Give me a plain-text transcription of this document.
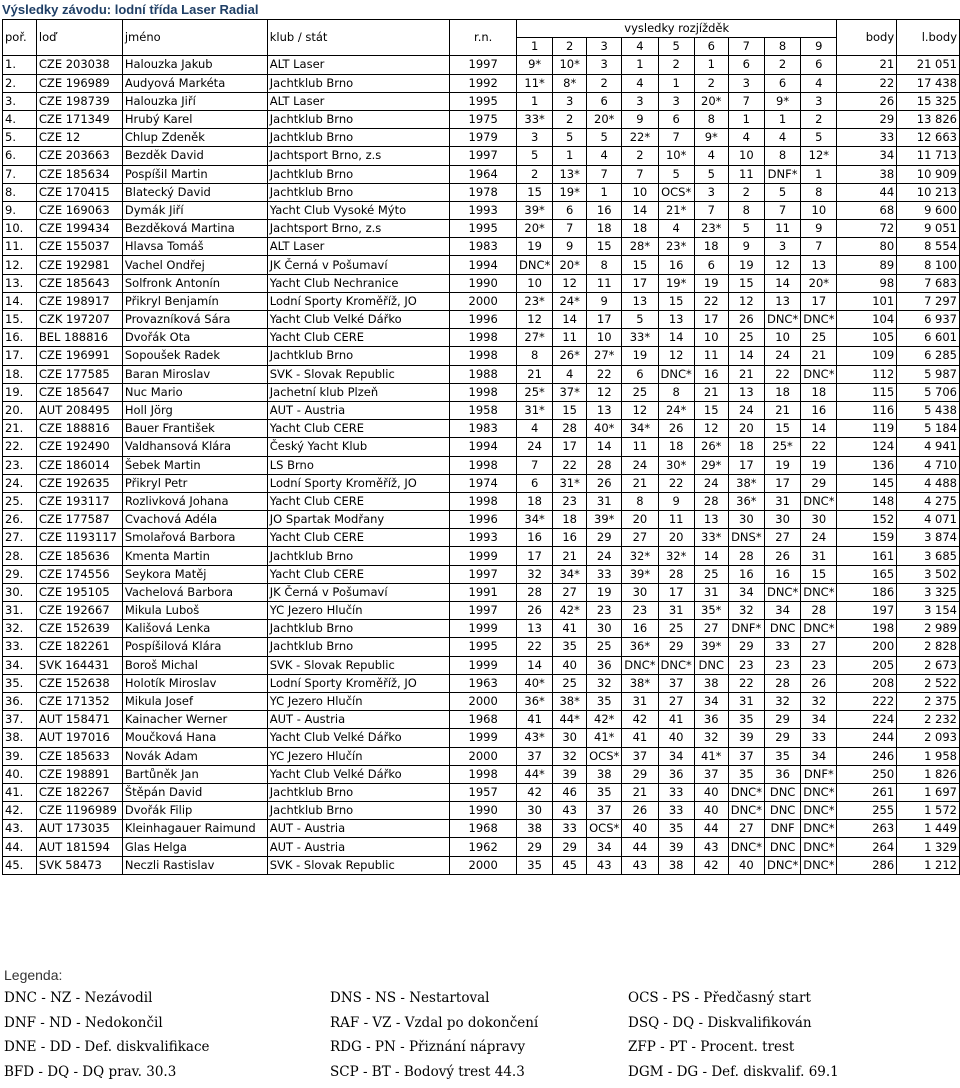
Výsledky závodu: lodní třída Laser Radial
poř.	loď	jméno	klub / stát	r.n.	vysledky rozjížděk									body	l.body
					1	2	3	4	5	6	7	8	9		
1.	CZE 203038	Halouzka Jakub	ALT Laser	1997	9*	10*	3	1	2	1	6	2	6	21	21 051
2.	CZE 196989	Audyová Markéta	Jachtklub Brno	1992	11*	8*	2	4	1	2	3	6	4	22	17 438
3.	CZE 198739	Halouzka Jiří	ALT Laser	1995	1	3	6	3	3	20*	7	9*	3	26	15 325
4.	CZE 171349	Hrubý Karel	Jachtklub Brno	1975	33*	2	20*	9	6	8	1	1	2	29	13 826
5.	CZE 12	Chlup Zdeněk	Jachtklub Brno	1979	3	5	5	22*	7	9*	4	4	5	33	12 663
6.	CZE 203663	Bezděk David	Jachtsport Brno, z.s	1997	5	1	4	2	10*	4	10	8	12*	34	11 713
7.	CZE 185634	Pospíšil Martin	Jachtklub Brno	1964	2	13*	7	7	5	5	11	DNF*	1	38	10 909
8.	CZE 170415	Blatecký David	Jachtklub Brno	1978	15	19*	1	10	OCS*	3	2	5	8	44	10 213
9.	CZE 169063	Dymák Jiří	Yacht Club Vysoké Mýto	1993	39*	6	16	14	21*	7	8	7	10	68	9 600
10.	CZE 199434	Bezděková Martina	Jachtsport Brno, z.s	1995	20*	7	18	18	4	23*	5	11	9	72	9 051
11.	CZE 155037	Hlavsa Tomáš	ALT Laser	1983	19	9	15	28*	23*	18	9	3	7	80	8 554
12.	CZE 192981	Vachel Ondřej	JK Černá v Pošumaví	1994	DNC*	20*	8	15	16	6	19	12	13	89	8 100
13.	CZE 185643	Solfronk Antonín	Yacht Club Nechranice	1990	10	12	11	17	19*	19	15	14	20*	98	7 683
14.	CZE 198917	Přikryl Benjamín	Lodní Sporty Kroměříž, JO	2000	23*	24*	9	13	15	22	12	13	17	101	7 297
15.	CZK 197207	Provazníková Sára	Yacht Club Velké Dářko	1996	12	14	17	5	13	17	26	DNC*	DNC*	104	6 937
16.	BEL 188816	Dvořák Ota	Yacht Club CERE	1998	27*	11	10	33*	14	10	25	10	25	105	6 601
17.	CZE 196991	Sopoušek Radek	Jachtklub Brno	1998	8	26*	27*	19	12	11	14	24	21	109	6 285
18.	CZE 177585	Baran Miroslav	SVK - Slovak Republic	1988	21	4	22	6	DNC*	16	21	22	DNC*	112	5 987
19.	CZE 185647	Nuc Mario	Jachetní klub Plzeň	1998	25*	37*	12	25	8	21	13	18	18	115	5 706
20.	AUT 208495	Holl Jörg	AUT - Austria	1958	31*	15	13	12	24*	15	24	21	16	116	5 438
21.	CZE 188816	Bauer František	Yacht Club CERE	1983	4	28	40*	34*	26	12	20	15	14	119	5 184
22.	CZE 192490	Valdhansová Klára	Český Yacht Klub	1994	24	17	14	11	18	26*	18	25*	22	124	4 941
23.	CZE 186014	Šebek Martin	LS Brno	1998	7	22	28	24	30*	29*	17	19	19	136	4 710
24.	CZE 192635	Přikryl Petr	Lodní Sporty Kroměříž, JO	1974	6	31*	26	21	22	24	38*	17	29	145	4 488
25.	CZE 193117	Rozlivková Johana	Yacht Club CERE	1998	18	23	31	8	9	28	36*	31	DNC*	148	4 275
26.	CZE 177587	Cvachová Adéla	JO Spartak Modřany	1996	34*	18	39*	20	11	13	30	30	30	152	4 071
27.	CZE 1193117	Smolařová Barbora	Yacht Club CERE	1993	16	16	29	27	20	33*	DNS*	27	24	159	3 874
28.	CZE 185636	Kmenta Martin	Jachtklub Brno	1999	17	21	24	32*	32*	14	28	26	31	161	3 685
29.	CZE 174556	Seykora Matěj	Yacht Club CERE	1997	32	34*	33	39*	28	25	16	16	15	165	3 502
30.	CZE 195105	Vachelová Barbora	JK Černá v Pošumaví	1991	28	27	19	30	17	31	34	DNC*	DNC*	186	3 325
31.	CZE 192667	Mikula Luboš	YC Jezero Hlučín	1997	26	42*	23	23	31	35*	32	34	28	197	3 154
32.	CZE 152639	Kališová Lenka	Jachtklub Brno	1999	13	41	30	16	25	27	DNF*	DNC	DNC*	198	2 989
33.	CZE 182261	Pospíšilová Klára	Jachtklub Brno	1995	22	35	25	36*	29	39*	29	33	27	200	2 828
34.	SVK 164431	Boroš Michal	SVK - Slovak Republic	1999	14	40	36	DNC*	DNC*	DNC	23	23	23	205	2 673
35.	CZE 152638	Holotík Miroslav	Lodní Sporty Kroměříž, JO	1963	40*	25	32	38*	37	38	22	28	26	208	2 522
36.	CZE 171352	Mikula Josef	YC Jezero Hlučín	2000	36*	38*	35	31	27	34	31	32	32	222	2 375
37.	AUT 158471	Kainacher Werner	AUT - Austria	1968	41	44*	42*	42	41	36	35	29	34	224	2 232
38.	AUT 197016	Moučková Hana	Yacht Club Velké Dářko	1999	43*	30	41*	41	40	32	39	29	33	244	2 093
39.	CZE 185633	Novák Adam	YC Jezero Hlučín	2000	37	32	OCS*	37	34	41*	37	35	34	246	1 958
40.	CZE 198891	Bartůněk Jan	Yacht Club Velké Dářko	1998	44*	39	38	29	36	37	35	36	DNF*	250	1 826
41.	CZE 182267	Štěpán David	Jachtklub Brno	1957	42	46	35	21	33	40	DNC*	DNC	DNC*	261	1 697
42.	CZE 1196989	Dvořák Filip	Jachtklub Brno	1990	30	43	37	26	33	40	DNC*	DNC	DNC*	255	1 572
43.	AUT 173035	Kleinhagauer Raimund	AUT - Austria	1968	38	33	OCS*	40	35	44	27	DNF	DNC*	263	1 449
44.	AUT 181594	Glas Helga	AUT - Austria	1962	29	29	34	44	39	43	DNC*	DNC	DNC*	264	1 329
45.	SVK 58473	Neczli Rastislav	SVK - Slovak Republic	2000	35	45	43	43	38	42	40	DNC*	DNC*	286	1 212
Legenda:
DNC - NZ - Nezávodil	DNS - NS - Nestartoval	OCS - PS - Předčasný start
DNF - ND - Nedokončil	RAF - VZ - Vzdal po dokončení	DSQ - DQ - Diskvalifikován
DNE - DD - Def. diskvalifikace	RDG - PN - Přiznání nápravy	ZFP - PT - Procent. trest
BFD - DQ - DQ prav. 30.3	SCP - BT - Bodový trest 44.3	DGM - DG - Def. diskvalif. 69.1
